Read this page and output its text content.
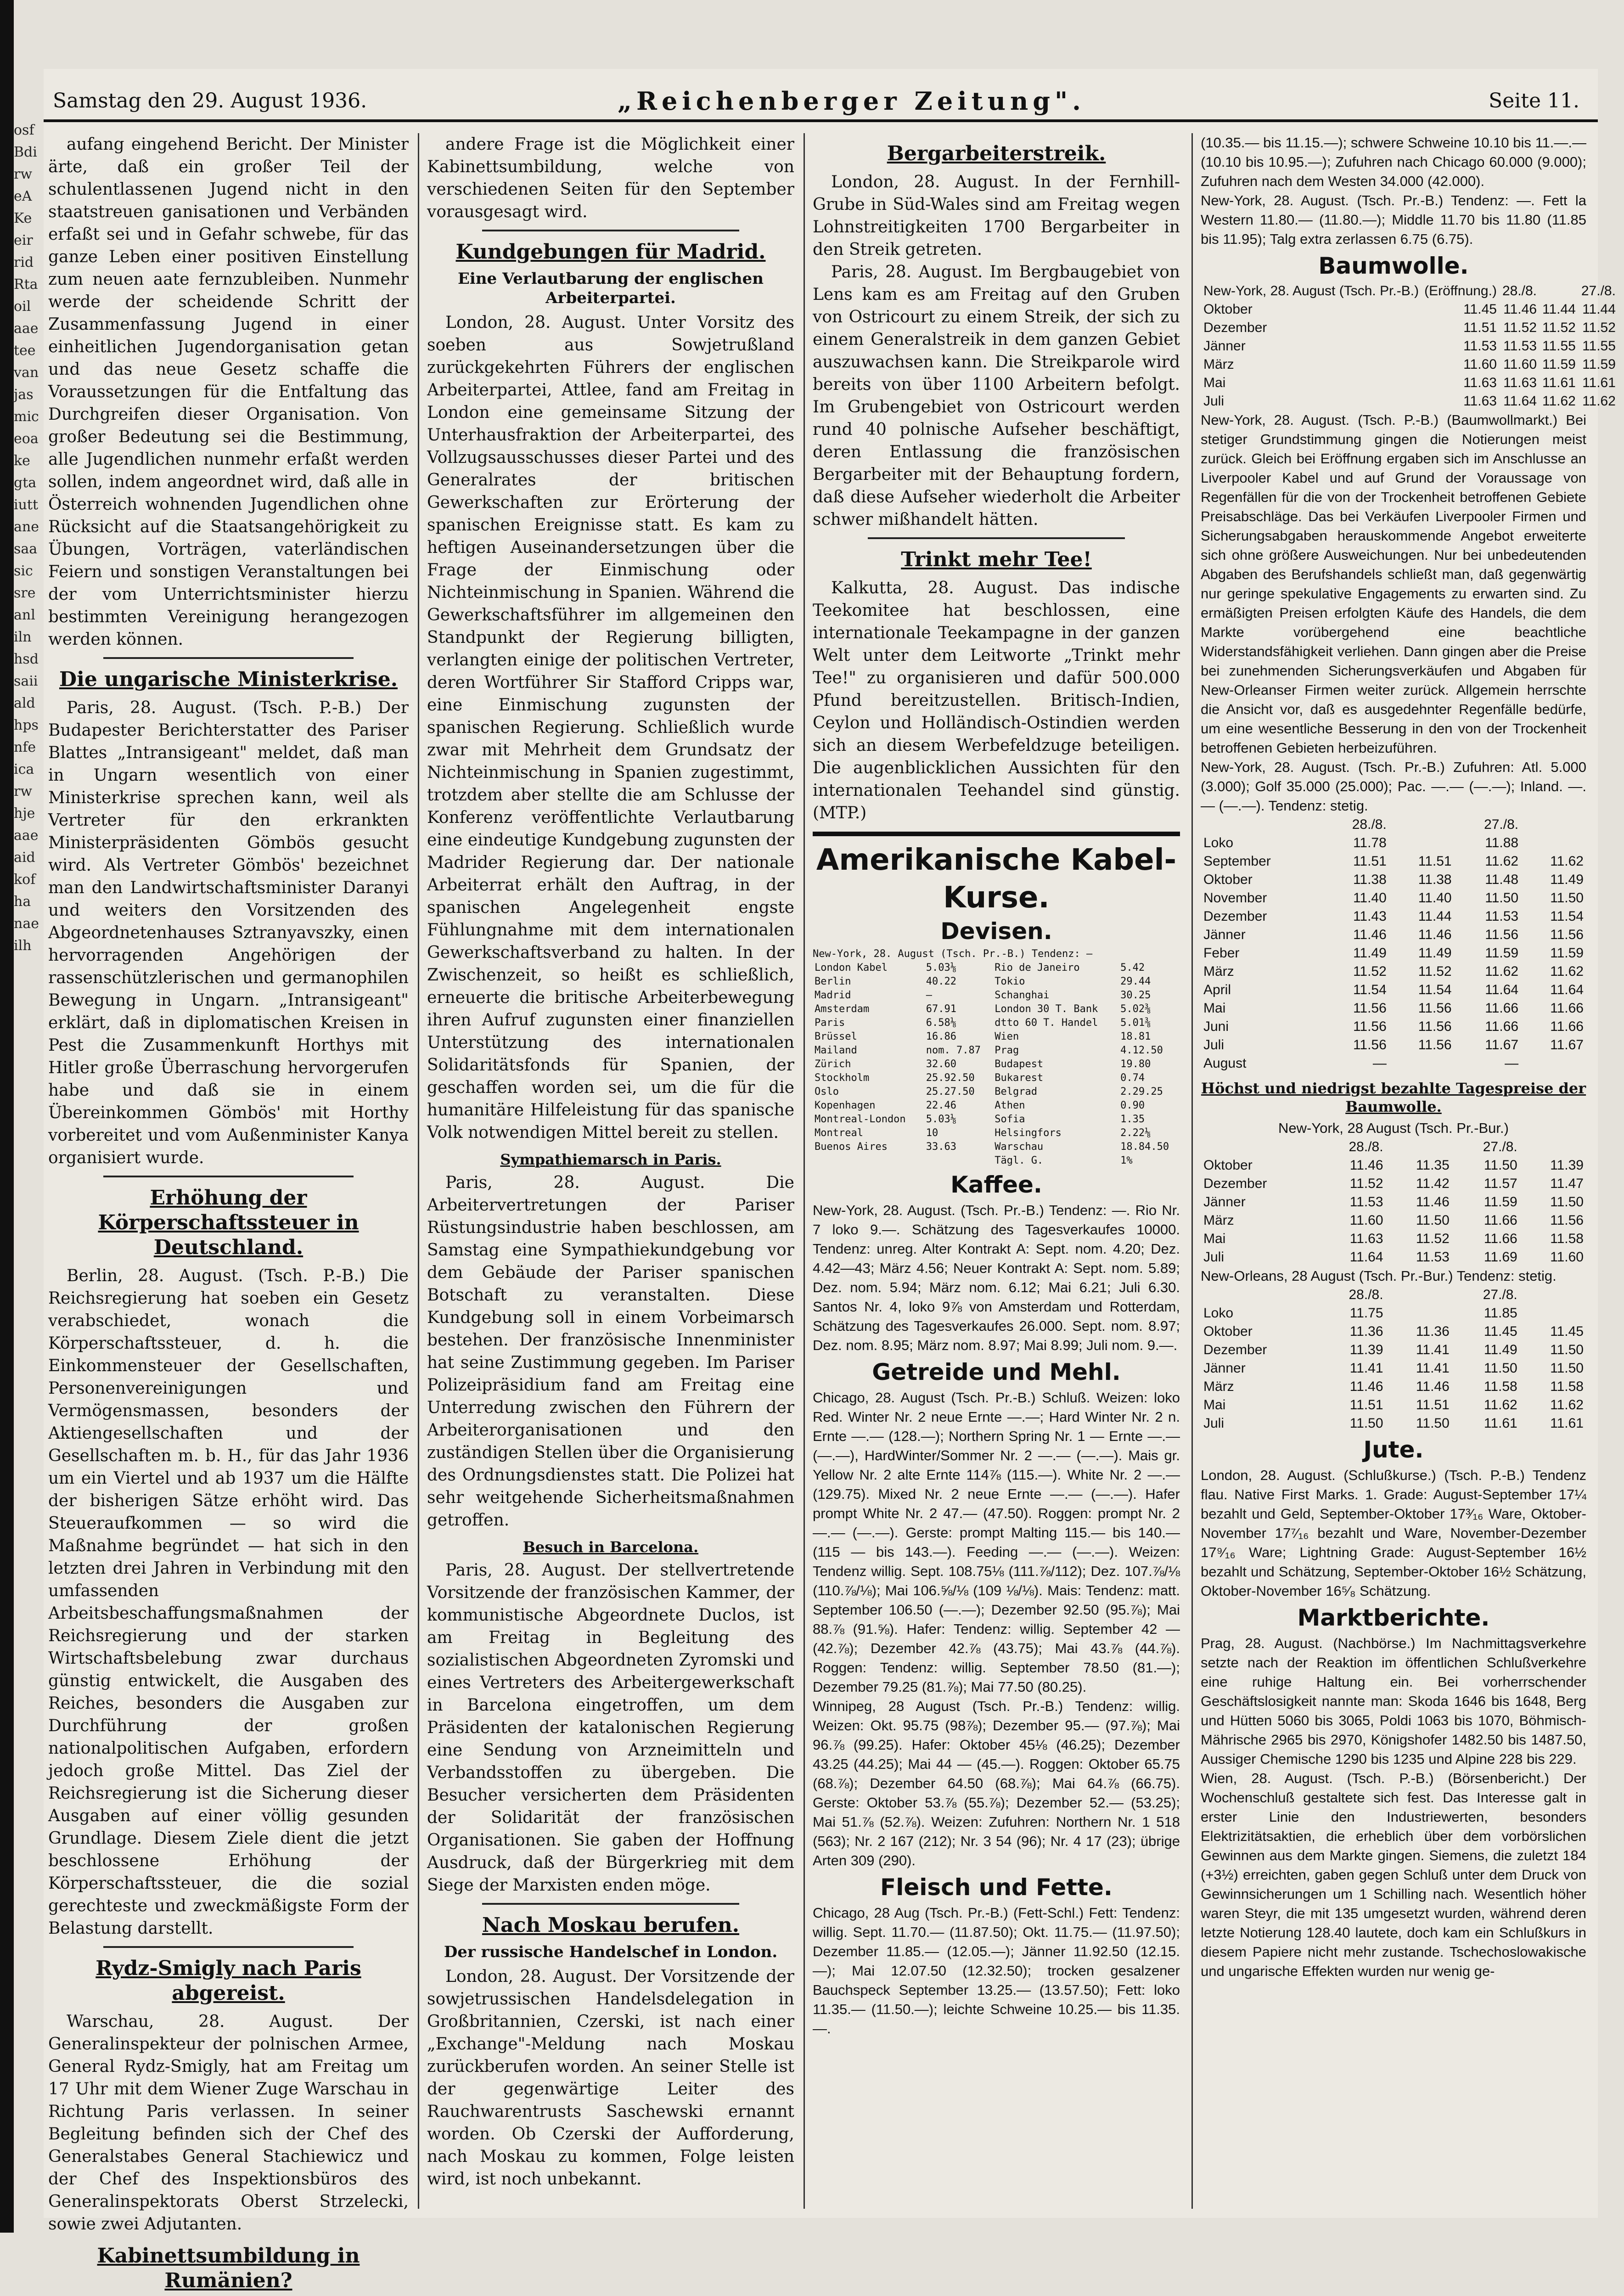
osfBdirweAKeeirridRtaoilaaeteevanjasmiceoakegtaiuttanesaasicsreanlilnhsdsaiialdhpsnfeicarwhjeaaeaidkofhanaeilh
Samstag den 29. August 1936.	„Reichenberger Zeitung".	Seite 11.

aufang eingehend Bericht. Der Minister ärte, daß ein großer Teil der schulentlassenen Jugend nicht in den staatstreuen ganisationen und Verbänden erfaßt sei und in Gefahr schwebe, für das ganze Leben einer positiven Einstellung zum neuen aate fernzubleiben. Nunmehr werde der scheidende Schritt der Zusammenfassung Jugend in einer einheitlichen Jugendorganisation getan und das neue Gesetz schaffe die Voraussetzungen für die Entfaltung das Durchgreifen dieser Organisation. Von großer Bedeutung sei die Bestimmung, alle Jugendlichen nunmehr erfaßt werden sollen, indem angeordnet wird, daß alle in Österreich wohnenden Jugendlichen ohne Rücksicht auf die Staatsangehörigkeit zu Übungen, Vorträgen, vaterländischen Feiern und sonstigen Veranstaltungen bei der vom Unterrichtsminister hierzu bestimmten Vereinigung herangezogen werden können.

Die ungarische Ministerkrise.

Paris, 28. August. (Tsch. P.-B.) Der Budapester Berichterstatter des Pariser Blattes „Intransigeant" meldet, daß man in Ungarn wesentlich von einer Ministerkrise sprechen kann, weil als Vertreter für den erkrankten Ministerpräsidenten Gömbös gesucht wird. Als Vertreter Gömbös' bezeichnet man den Landwirtschaftsminister Daranyi und weiters den Vorsitzenden des Abgeordnetenhauses Sztranyavszky, einen hervorragenden Angehörigen der rassenschützlerischen und germanophilen Bewegung in Ungarn. „Intransigeant" erklärt, daß in diplomatischen Kreisen in Pest die Zusammenkunft Horthys mit Hitler große Überraschung hervorgerufen habe und daß sie in einem Übereinkommen Gömbös' mit Horthy vorbereitet und vom Außenminister Kanya organisiert wurde.

Erhöhung der Körperschaftssteuer in Deutschland.

Berlin, 28. August. (Tsch. P.-B.) Die Reichsregierung hat soeben ein Gesetz verabschiedet, wonach die Körperschaftssteuer, d. h. die Einkommensteuer der Gesellschaften, Personenvereinigungen und Vermögensmassen, besonders der Aktiengesellschaften und der Gesellschaften m. b. H., für das Jahr 1936 um ein Viertel und ab 1937 um die Hälfte der bisherigen Sätze erhöht wird. Das Steueraufkommen — so wird die Maßnahme begründet — hat sich in den letzten drei Jahren in Verbindung mit den umfassenden Arbeitsbeschaffungsmaßnahmen der Reichsregierung und der starken Wirtschaftsbelebung zwar durchaus günstig entwickelt, die Ausgaben des Reiches, besonders die Ausgaben zur Durchführung der großen nationalpolitischen Aufgaben, erfordern jedoch große Mittel. Das Ziel der Reichsregierung ist die Sicherung dieser Ausgaben auf einer völlig gesunden Grundlage. Diesem Ziele dient die jetzt beschlossene Erhöhung der Körperschaftssteuer, die die sozial gerechteste und zweckmäßigste Form der Belastung darstellt.

Rydz-Smigly nach Paris abgereist.

Warschau, 28. August. Der Generalinspekteur der polnischen Armee, General Rydz-Smigly, hat am Freitag um 17 Uhr mit dem Wiener Zuge Warschau in Richtung Paris verlassen. In seiner Begleitung befinden sich der Chef des Generalstabes General Stachiewicz und der Chef des Inspektionsbüros des Generalinspektorats Oberst Strzelecki, sowie zwei Adjutanten.

Kabinettsumbildung in Rumänien?

andere Frage ist die Möglichkeit einer Kabinettsumbildung, welche von verschiedenen Seiten für den September vorausgesagt wird.

Kundgebungen für Madrid.
Eine Verlautbarung der englischen Arbeiterpartei.

London, 28. August. Unter Vorsitz des soeben aus Sowjetrußland zurückgekehrten Führers der englischen Arbeiterpartei, Attlee, fand am Freitag in London eine gemeinsame Sitzung der Unterhausfraktion der Arbeiterpartei, des Vollzugsausschusses dieser Partei und des Generalrates der britischen Gewerkschaften zur Erörterung der spanischen Ereignisse statt. Es kam zu heftigen Auseinandersetzungen über die Frage der Einmischung oder Nichteinmischung in Spanien. Während die Gewerkschaftsführer im allgemeinen den Standpunkt der Regierung billigten, verlangten einige der politischen Vertreter, deren Wortführer Sir Stafford Cripps war, eine Einmischung zugunsten der spanischen Regierung. Schließlich wurde zwar mit Mehrheit dem Grundsatz der Nichteinmischung in Spanien zugestimmt, trotzdem aber stellte die am Schlusse der Konferenz veröffentlichte Verlautbarung eine eindeutige Kundgebung zugunsten der Madrider Regierung dar. Der nationale Arbeiterrat erhält den Auftrag, in der spanischen Angelegenheit engste Fühlungnahme mit dem internationalen Gewerkschaftsverband zu halten. In der Zwischenzeit, so heißt es schließlich, erneuerte die britische Arbeiterbewegung ihren Aufruf zugunsten einer finanziellen Unterstützung des internationalen Solidaritätsfonds für Spanien, der geschaffen worden sei, um die für die humanitäre Hilfeleistung für das spanische Volk notwendigen Mittel bereit zu stellen.

Sympathiemarsch in Paris.

Paris, 28. August. Die Arbeitervertretungen der Pariser Rüstungsindustrie haben beschlossen, am Samstag eine Sympathiekundgebung vor dem Gebäude der Pariser spanischen Botschaft zu veranstalten. Diese Kundgebung soll in einem Vorbeimarsch bestehen. Der französische Innenminister hat seine Zustimmung gegeben. Im Pariser Polizeipräsidium fand am Freitag eine Unterredung zwischen den Führern der Arbeiterorganisationen und den zuständigen Stellen über die Organisierung des Ordnungsdienstes statt. Die Polizei hat sehr weitgehende Sicherheitsmaßnahmen getroffen.

Besuch in Barcelona.

Paris, 28. August. Der stellvertretende Vorsitzende der französischen Kammer, der kommunistische Abgeordnete Duclos, ist am Freitag in Begleitung des sozialistischen Abgeordneten Zyromski und eines Vertreters des Arbeitergewerkschaft in Barcelona eingetroffen, um dem Präsidenten der katalonischen Regierung eine Sendung von Arzneimitteln und Verbandsstoffen zu übergeben. Die Besucher versicherten dem Präsidenten der Solidarität der französischen Organisationen. Sie gaben der Hoffnung Ausdruck, daß der Bürgerkrieg mit dem Siege der Marxisten enden möge.

Nach Moskau berufen.
Der russische Handelschef in London.

London, 28. August. Der Vorsitzende der sowjetrussischen Handelsdelegation in Großbritannien, Czerski, ist nach einer „Exchange"-Meldung nach Moskau zurückberufen worden. An seiner Stelle ist der gegenwärtige Leiter des Rauchwarentrusts Saschewski ernannt worden. Ob Czerski der Aufforderung, nach Moskau zu kommen, Folge leisten wird, ist noch unbekannt.

Bergarbeiterstreik.

London, 28. August. In der Fernhill-Grube in Süd-Wales sind am Freitag wegen Lohnstreitigkeiten 1700 Bergarbeiter in den Streik getreten.

Paris, 28. August. Im Bergbaugebiet von Lens kam es am Freitag auf den Gruben von Ostricourt zu einem Streik, der sich zu einem Generalstreik in dem ganzen Gebiet auszuwachsen kann. Die Streikparole wird bereits von über 1100 Arbeitern befolgt. Im Grubengebiet von Ostricourt werden rund 40 polnische Aufseher beschäftigt, deren Entlassung die französischen Bergarbeiter mit der Behauptung fordern, daß diese Aufseher wiederholt die Arbeiter schwer mißhandelt hätten.

Trinkt mehr Tee!

Kalkutta, 28. August. Das indische Teekomitee hat beschlossen, eine internationale Teekampagne in der ganzen Welt unter dem Leitworte „Trinkt mehr Tee!" zu organisieren und dafür 500.000 Pfund bereitzustellen. Britisch-Indien, Ceylon und Holländisch-Ostindien werden sich an diesem Werbefeldzuge beteiligen. Die augenblicklichen Aussichten für den internationalen Teehandel sind günstig. (MTP.)

Amerikanische Kabel-
Kurse.
Devisen.
New-York, 28. August (Tsch. Pr.-B.) Tendenz: —
London Kabel	5.03⅛	Rio de Janeiro	5.42
Berlin	40.22	Tokio	29.44
Madrid	—	Schanghai	30.25
Amsterdam	67.91	London 30 T. Bank	5.02⅜
Paris	6.58⅛	dtto 60 T. Handel	5.01⅜
Brüssel	16.86	Wien	18.81
Mailand	nom. 7.87	Prag	4.12.50
Zürich	32.60	Budapest	19.80
Stockholm	25.92.50	Bukarest	0.74
Oslo	25.27.50	Belgrad	2.29.25
Kopenhagen	22.46	Athen	0.90
Montreal-London	5.03⅛	Sofia	1.35
Montreal	10	Helsingfors	2.22⅛
Buenos Aires	33.63	Warschau	18.84.50
		Tägl. G.	1%
Kaffee.

New-York, 28. August. (Tsch. Pr.-B.) Tendenz: —. Rio Nr. 7 loko 9.—. Schätzung des Tagesverkaufes 10000. Tendenz: unreg. Alter Kontrakt A: Sept. nom. 4.20; Dez. 4.42—43; März 4.56; Neuer Kontrakt A: Sept. nom. 5.89; Dez. nom. 5.94; März nom. 6.12; Mai 6.21; Juli 6.30. Santos Nr. 4, loko 9⅞ von Amsterdam und Rotterdam, Schätzung des Tagesverkaufes 26.000. Sept. nom. 8.97; Dez. nom. 8.95; März nom. 8.97; Mai 8.99; Juli nom. 9.—.

Getreide und Mehl.

Chicago, 28. August (Tsch. Pr.-B.) Schluß. Weizen: loko Red. Winter Nr. 2 neue Ernte —.—; Hard Winter Nr. 2 n. Ernte —.— (128.—); Northern Spring Nr. 1 — Ernte —.— (—.—), HardWinter/Sommer Nr. 2 —.— (—.—). Mais gr. Yellow Nr. 2 alte Ernte 114⅞ (115.—). White Nr. 2 —.— (129.75). Mixed Nr. 2 neue Ernte —.— (—.—). Hafer prompt White Nr. 2 47.— (47.50). Roggen: prompt Nr. 2 —.— (—.—). Gerste: prompt Malting 115.— bis 140.— (115 — bis 143.—). Feeding —.— (—.—). Weizen: Tendenz willig. Sept. 108.75⅛ (111.⅞/112); Dez. 107.⅞/⅛ (110.⅞/⅛); Mai 106.⅝/⅛ (109 ⅛/⅛). Mais: Tendenz: matt. September 106.50 (—.—); Dezember 92.50 (95.⅞); Mai 88.⅞ (91.⅝). Hafer: Tendenz: willig. September 42 — (42.⅞); Dezember 42.⅞ (43.75); Mai 43.⅞ (44.⅞). Roggen: Tendenz: willig. September 78.50 (81.—); Dezember 79.25 (81.⅞); Mai 77.50 (80.25).

Winnipeg, 28 August (Tsch. Pr.-B.) Tendenz: willig. Weizen: Okt. 95.75 (98⅞); Dezember 95.— (97.⅞); Mai 96.⅞ (99.25). Hafer: Oktober 45⅛ (46.25); Dezember 43.25 (44.25); Mai 44 — (45.—). Roggen: Oktober 65.75 (68.⅞); Dezember 64.50 (68.⅞); Mai 64.⅞ (66.75). Gerste: Oktober 53.⅞ (55.⅞); Dezember 52.— (53.25); Mai 51.⅞ (52.⅞). Weizen: Zufuhren: Northern Nr. 1 518 (563); Nr. 2 167 (212); Nr. 3 54 (96); Nr. 4 17 (23); übrige Arten 309 (290).

Fleisch und Fette.

Chicago, 28 Aug (Tsch. Pr.-B.) (Fett-Schl.) Fett: Tendenz: willig. Sept. 11.70.— (11.87.50); Okt. 11.75.— (11.97.50); Dezember 11.85.— (12.05.—); Jänner 11.92.50 (12.15.—); Mai 12.07.50 (12.32.50); trocken gesalzener Bauchspeck September 13.25.— (13.57.50); Fett: loko 11.35.— (11.50.—); leichte Schweine 10.25.— bis 11.35.—.

(10.35.— bis 11.15.—); schwere Schweine 10.10 bis 11.—.— (10.10 bis 10.95.—); Zufuhren nach Chicago 60.000 (9.000); Zufuhren nach dem Westen 34.000 (42.000).

New-York, 28. August. (Tsch. Pr.-B.) Tendenz: —. Fett la Western 11.80.— (11.80.—); Middle 11.70 bis 11.80 (11.85 bis 11.95); Talg extra zerlassen 6.75 (6.75).

Baumwolle.
New-York, 28. August (Tsch. Pr.-B.)	(Eröffnung.)	28./8.		27./8.	
Oktober	11.45	11.46	11.44	11.44	
Dezember	11.51	11.52	11.52	11.52	
Jänner	11.53	11.53	11.55	11.55	
März	11.60	11.60	11.59	11.59	
Mai	11.63	11.63	11.61	11.61	
Juli	11.63	11.64	11.62	11.62	

New-York, 28. August. (Tsch. P.-B.) (Baumwollmarkt.) Bei stetiger Grundstimmung gingen die Notierungen meist zurück. Gleich bei Eröffnung ergaben sich im Anschlusse an Liverpooler Kabel und auf Grund der Voraussage von Regenfällen für die von der Trockenheit betroffenen Gebiete Preisabschläge. Das bei Verkäufen Liverpooler Firmen und Sicherungsabgaben herauskommende Angebot erweiterte sich ohne größere Ausweichungen. Nur bei unbedeutenden Abgaben des Berufshandels schließt man, daß gegenwärtig nur geringe spekulative Engagements zu erwarten sind. Zu ermäßigten Preisen erfolgten Käufe des Handels, die dem Markte vorübergehend eine beachtliche Widerstandsfähigkeit verliehen. Dann gingen aber die Preise bei zunehmenden Sicherungsverkäufen und Abgaben für New-Orleanser Firmen weiter zurück. Allgemein herrschte die Ansicht vor, daß es ausgedehnter Regenfälle bedürfe, um eine wesentliche Besserung in den von der Trockenheit betroffenen Gebieten herbeizuführen.

New-York, 28. August. (Tsch. Pr.-B.) Zufuhren: Atl. 5.000 (3.000); Golf 35.000 (25.000); Pac. —.— (—.—); Inland. —.— (—.—). Tendenz: stetig.

	28./8.		27./8.	
Loko	11.78		11.88	
September	11.51	11.51	11.62	11.62
Oktober	11.38	11.38	11.48	11.49
November	11.40	11.40	11.50	11.50
Dezember	11.43	11.44	11.53	11.54
Jänner	11.46	11.46	11.56	11.56
Feber	11.49	11.49	11.59	11.59
März	11.52	11.52	11.62	11.62
April	11.54	11.54	11.64	11.64
Mai	11.56	11.56	11.66	11.66
Juni	11.56	11.56	11.66	11.66
Juli	11.56	11.56	11.67	11.67
August	—		—	
Höchst und niedrigst bezahlte Tagespreise der Baumwolle.
New-York, 28 August (Tsch. Pr.-Bur.)
	28./8.		27./8.	
Oktober	11.46	11.35	11.50	11.39
Dezember	11.52	11.42	11.57	11.47
Jänner	11.53	11.46	11.59	11.50
März	11.60	11.50	11.66	11.56
Mai	11.63	11.52	11.66	11.58
Juli	11.64	11.53	11.69	11.60
New-Orleans, 28 August (Tsch. Pr.-Bur.) Tendenz: stetig.
	28./8.		27./8.	
Loko	11.75		11.85	
Oktober	11.36	11.36	11.45	11.45
Dezember	11.39	11.41	11.49	11.50
Jänner	11.41	11.41	11.50	11.50
März	11.46	11.46	11.58	11.58
Mai	11.51	11.51	11.62	11.62
Juli	11.50	11.50	11.61	11.61
Jute.

London, 28. August. (Schlußkurse.) (Tsch. P.-B.) Tendenz flau. Native First Marks. 1. Grade: August-September 17¼ bezahlt und Geld, September-Oktober 17³⁄₁₆ Ware, Oktober-November 17⁷⁄₁₆ bezahlt und Ware, November-Dezember 17⁹⁄₁₆ Ware; Lightning Grade: August-September 16½ bezahlt und Schätzung, September-Oktober 16½ Schätzung, Oktober-November 16⁵⁄₈ Schätzung.

Marktberichte.

Prag, 28. August. (Nachbörse.) Im Nachmittagsverkehre setzte nach der Reaktion im öffentlichen Schlußverkehre eine ruhige Haltung ein. Bei vorherrschender Geschäftslosigkeit nannte man: Skoda 1646 bis 1648, Berg und Hütten 5060 bis 3065, Poldi 1063 bis 1070, Böhmisch-Mährische 2965 bis 2970, Königshofer 1482.50 bis 1487.50, Aussiger Chemische 1290 bis 1235 und Alpine 228 bis 229.

Wien, 28. August. (Tsch. P.-B.) (Börsenbericht.) Der Wochenschluß gestaltete sich fest. Das Interesse galt in erster Linie den Industriewerten, besonders Elektrizitätsaktien, die erheblich über dem vorbörslichen Gewinnen aus dem Markte gingen. Siemens, die zuletzt 184 (+3½) erreichten, gaben gegen Schluß unter dem Druck von Gewinnsicherungen um 1 Schilling nach. Wesentlich höher waren Steyr, die mit 135 umgesetzt wurden, während deren letzte Notierung 128.40 lautete, doch kam ein Schlußkurs in diesem Papiere nicht mehr zustande. Tschechoslowakische und ungarische Effekten wurden nur wenig ge-
